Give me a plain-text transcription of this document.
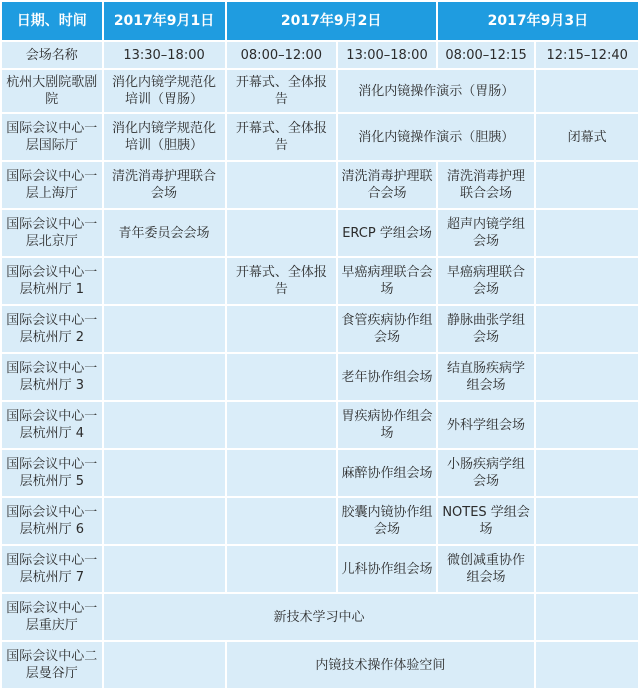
日期、时间	2017年9月1日	2017年9月2日		2017年9月3日	
会场名称	13:30–18:00	08:00–12:00	13:00–18:00	08:00–12:15	12:15–12:40
杭州大剧院歌剧院	消化内镜学规范化培训（胃肠）	开幕式、全体报告	消化内镜操作演示（胃肠）		
国际会议中心一层国际厅	消化内镜学规范化培训（胆胰）	开幕式、全体报告	消化内镜操作演示（胆胰）		闭幕式
国际会议中心一层上海厅	清洗消毒护理联合会场		清洗消毒护理联合会场	清洗消毒护理联合会场	
国际会议中心一层北京厅	青年委员会会场		ERCP 学组会场	超声内镜学组会场	
国际会议中心一层杭州厅 1		开幕式、全体报告	早癌病理联合会场	早癌病理联合会场	
国际会议中心一层杭州厅 2			食管疾病协作组会场	静脉曲张学组会场	
国际会议中心一层杭州厅 3			老年协作组会场	结直肠疾病学组会场	
国际会议中心一层杭州厅 4			胃疾病协作组会场	外科学组会场	
国际会议中心一层杭州厅 5			麻醉协作组会场	小肠疾病学组会场	
国际会议中心一层杭州厅 6			胶囊内镜协作组会场	NOTES 学组会场	
国际会议中心一层杭州厅 7			儿科协作组会场	微创减重协作组会场	
国际会议中心一层重庆厅	新技术学习中心				
国际会议中心二层曼谷厅		内镜技术操作体验空间			
